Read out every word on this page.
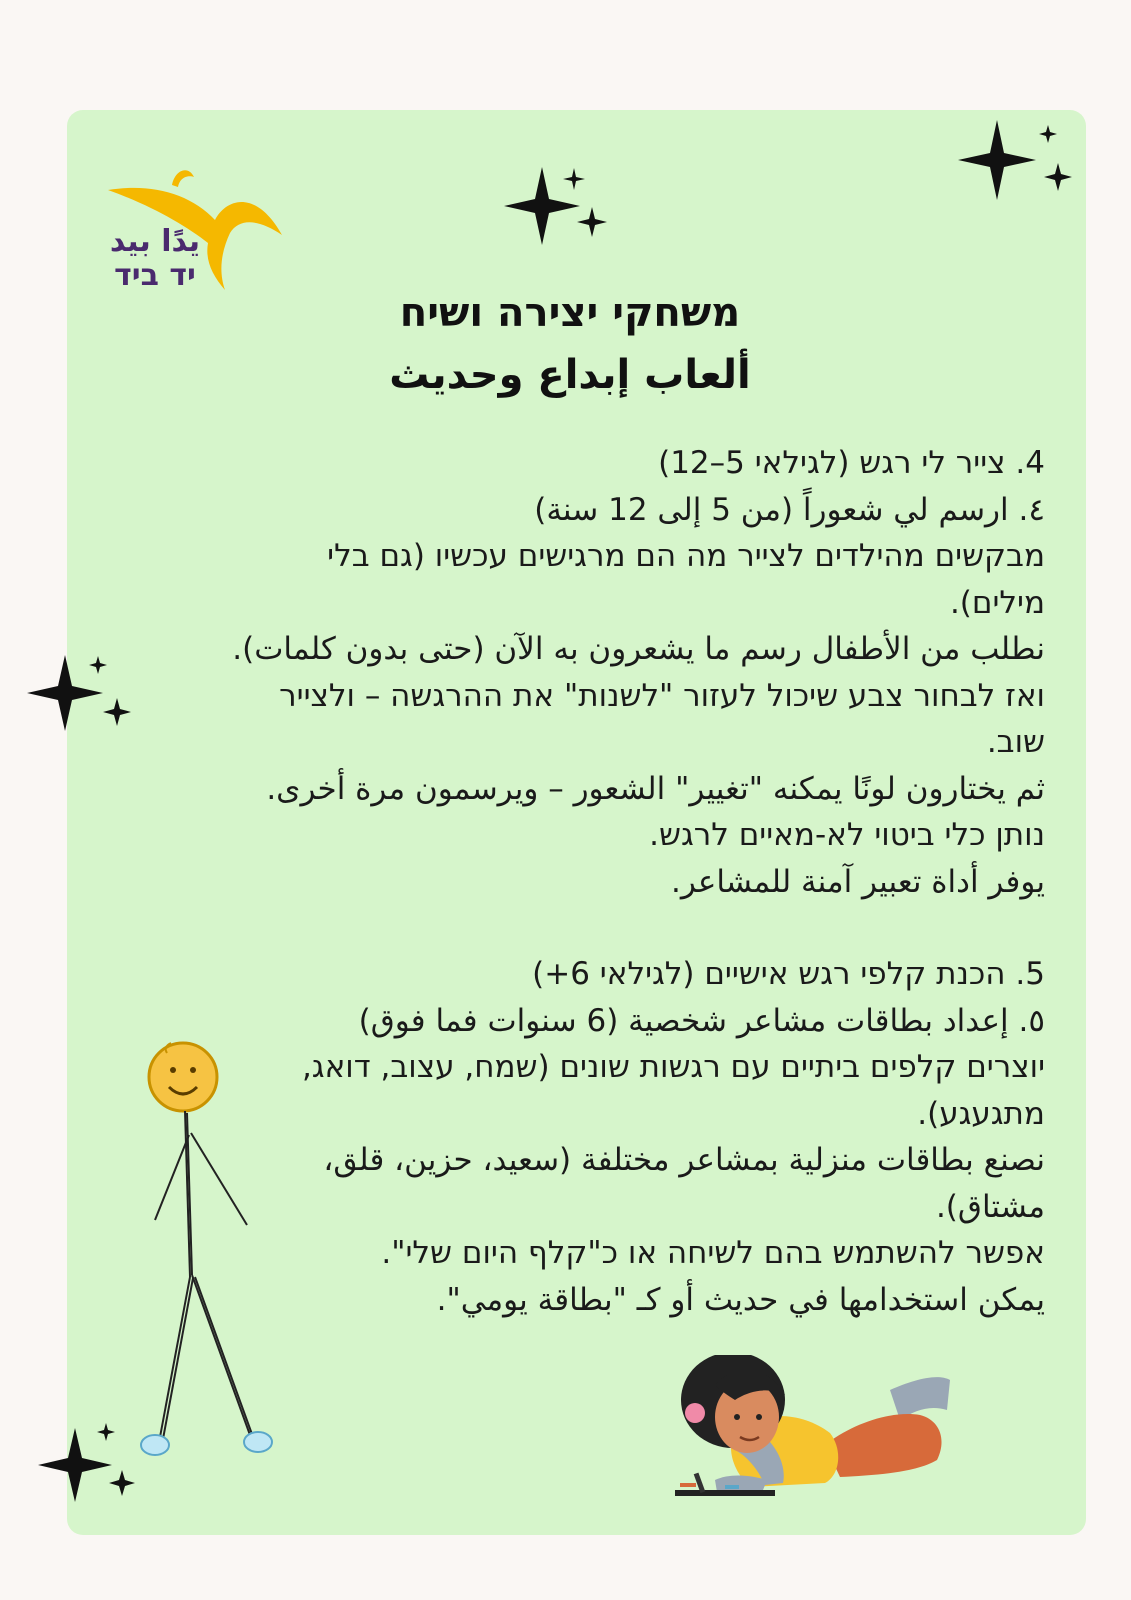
يدًا بيد
יד ביד
משחקי יצירה ושיח
ألعاب إبداع وحديث
4. צייר לי רגש (לגילאי 5–12)
٤. ارسم لي شعوراً (من 5 إلى 12 سنة)
מבקשים מהילדים לצייר מה הם מרגישים עכשיו (גם בלי
מילים).
نطلب من الأطفال رسم ما يشعرون به الآن (حتى بدون كلمات).
ואז לבחור צבע שיכול לעזור "לשנות" את ההרגשה – ולצייר
שוב.
ثم يختارون لونًا يمكنه "تغيير" الشعور – ويرسمون مرة أخرى.
נותן כלי ביטוי לא-מאיים לרגש.
يوفر أداة تعبير آمنة للمشاعر.
5. הכנת קלפי רגש אישיים (לגילאי 6+)
٥. إعداد بطاقات مشاعر شخصية (6 سنوات فما فوق)
יוצרים קלפים ביתיים עם רגשות שונים (שמח, עצוב, דואג,
מתגעגע).
نصنع بطاقات منزلية بمشاعر مختلفة (سعيد، حزين، قلق،
مشتاق).
אפשר להשתמש בהם לשיחה או כ"קלף היום שלי".
يمكن استخدامها في حديث أو كـ "بطاقة يومي".
